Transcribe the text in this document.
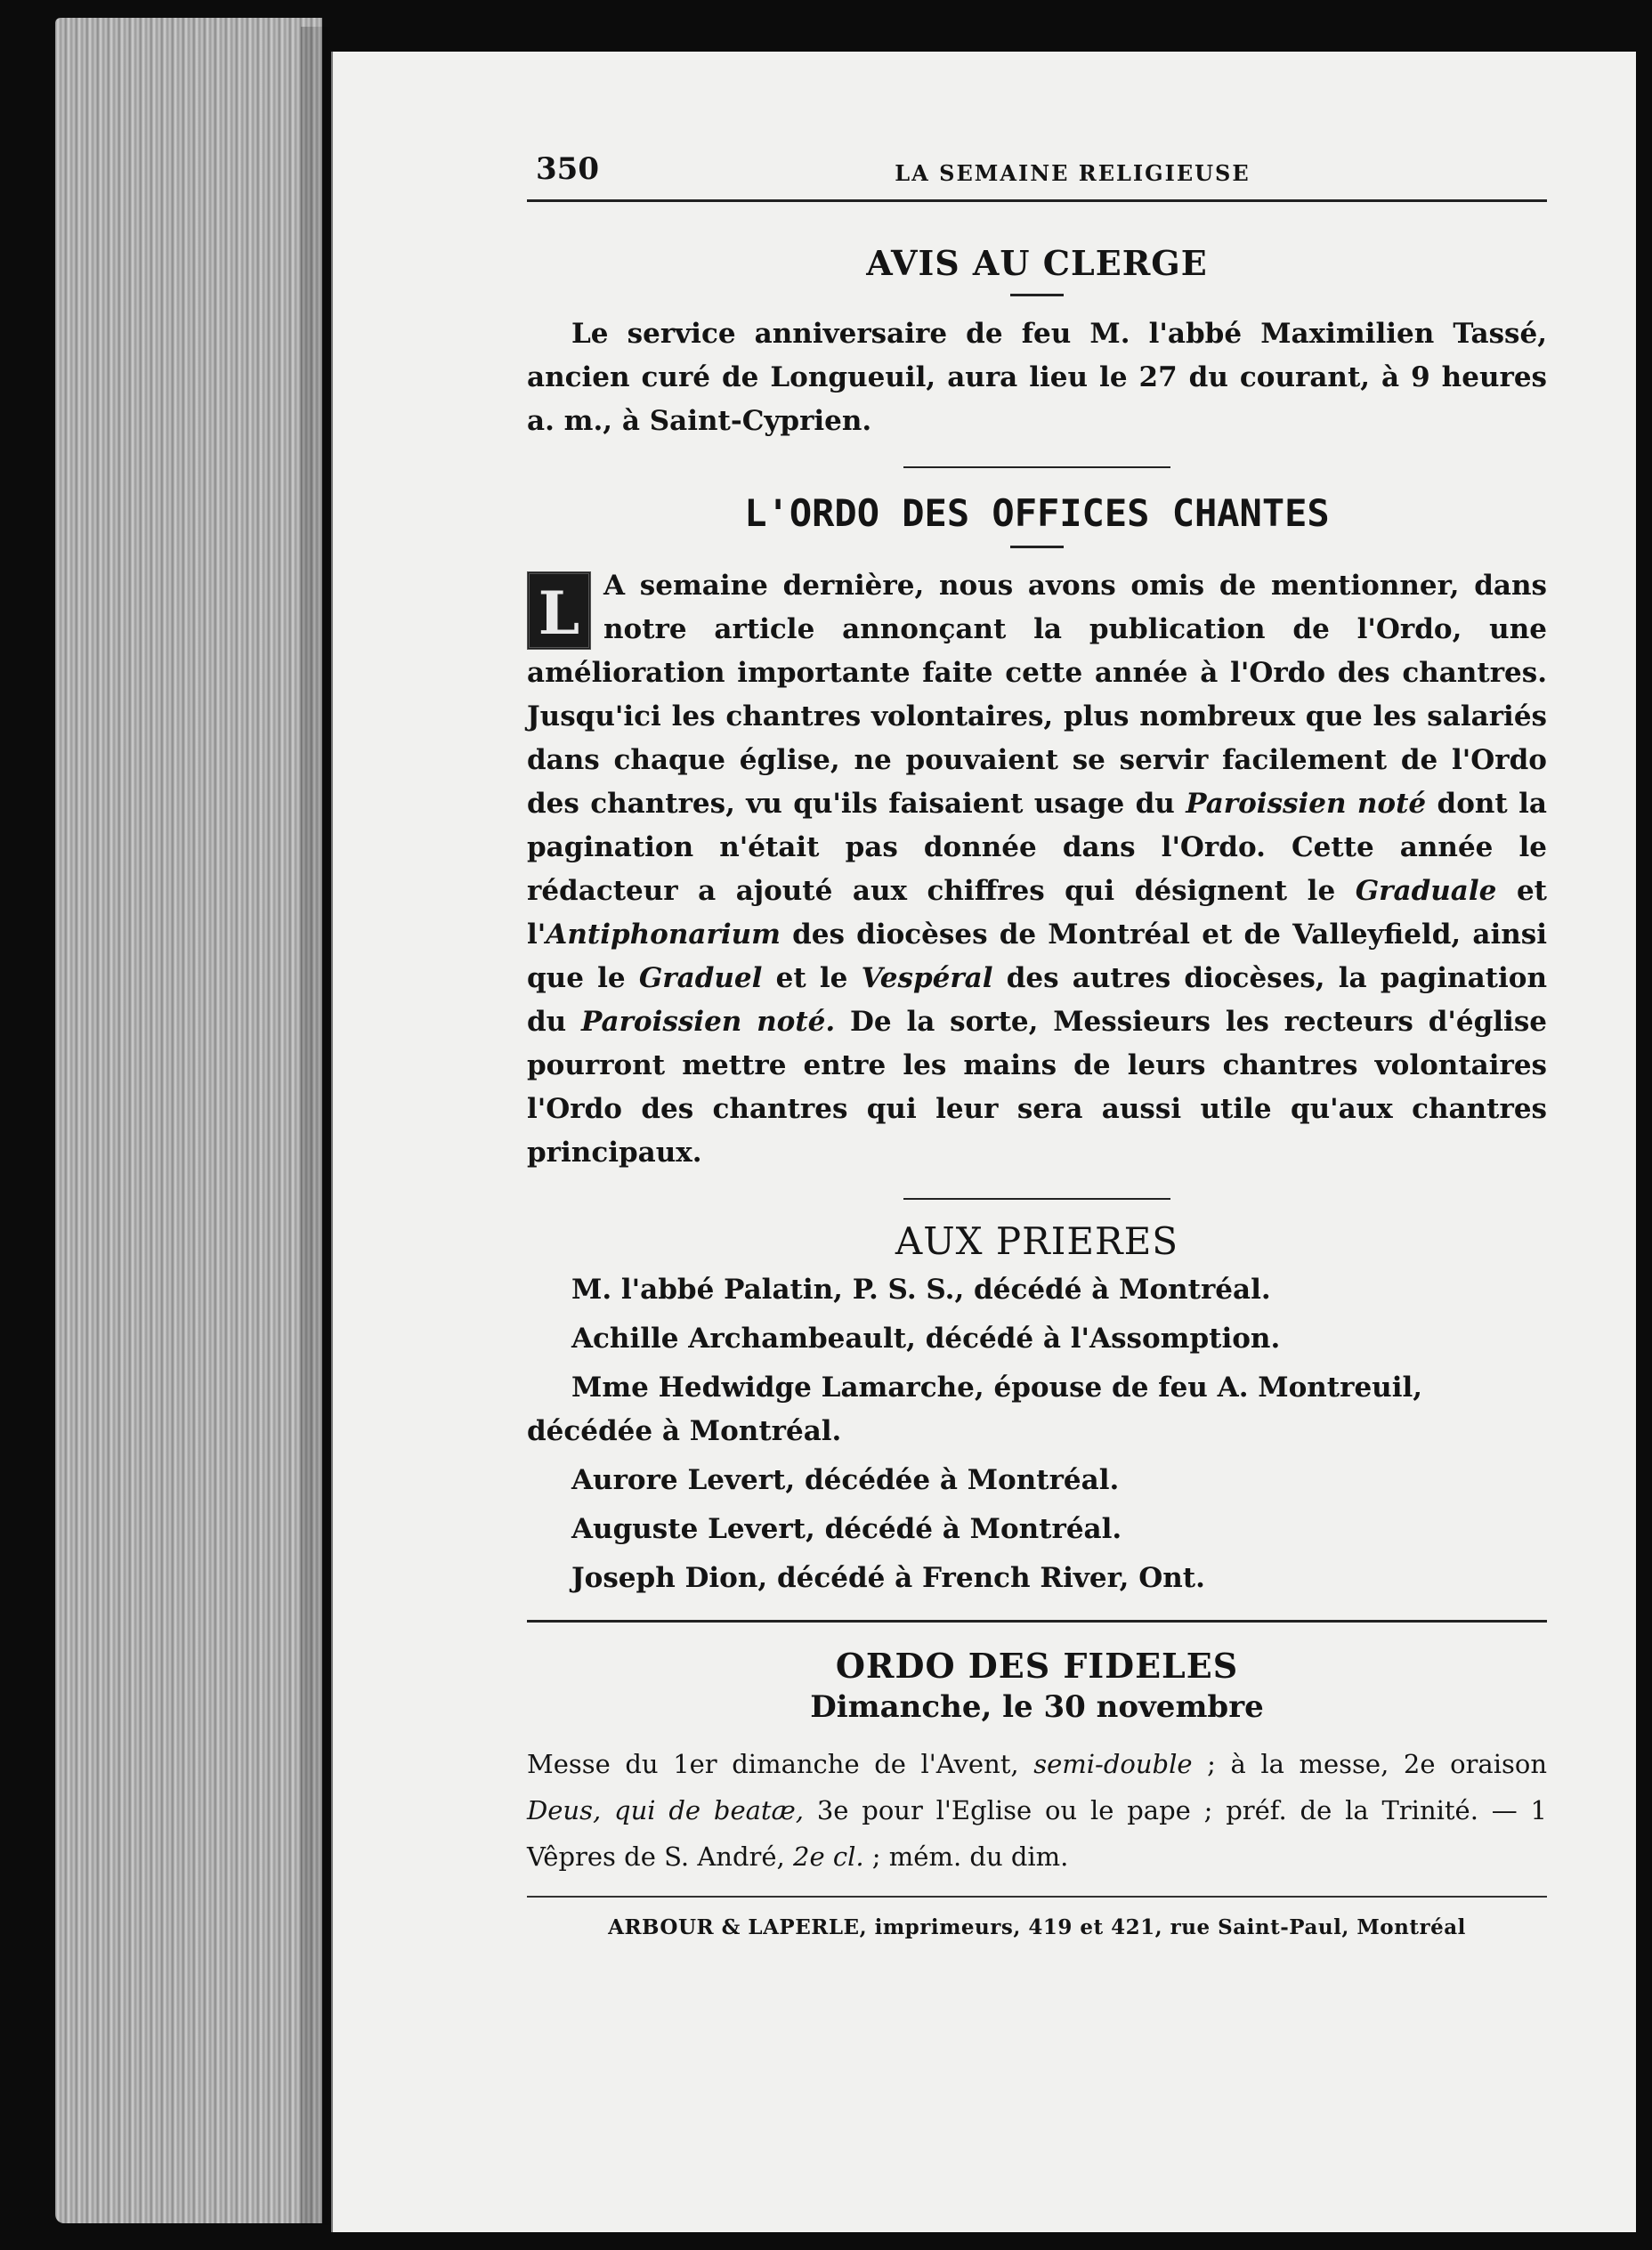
350	LA SEMAINE RELIGIEUSE
AVIS AU CLERGE

Le service anniversaire de feu M. l'abbé Maximilien Tassé, ancien curé de Longueuil, aura lieu le 27 du courant, à 9 heures a. m., à Saint-Cyprien.

L'ORDO DES OFFICES CHANTES
L A semaine dernière, nous avons omis de mentionner, dans notre article annonçant la publication de l'Ordo, une amélioration importante faite cette année à l'Ordo des chantres. Jusqu'ici les chantres volontaires, plus nombreux que les salariés dans chaque église, ne pouvaient se servir facilement de l'Ordo des chantres, vu qu'ils faisaient usage du Paroissien noté dont la pagination n'était pas donnée dans l'Ordo. Cette année le rédacteur a ajouté aux chiffres qui désignent le Graduale et l'Antiphonarium des diocèses de Montréal et de Valleyfield, ainsi que le Graduel et le Vespéral des autres diocèses, la pagination du Paroissien noté. De la sorte, Messieurs les recteurs d'église pourront mettre entre les mains de leurs chantres volontaires l'Ordo des chantres qui leur sera aussi utile qu'aux chantres principaux.

AUX PRIERES

M. l'abbé Palatin, P. S. S., décédé à Montréal.

Achille Archambeault, décédé à l'Assomption.

Mme Hedwidge Lamarche, épouse de feu A. Montreuil, décédée à Montréal.

Aurore Levert, décédée à Montréal.

Auguste Levert, décédé à Montréal.

Joseph Dion, décédé à French River, Ont.

ORDO DES FIDELES
Dimanche, le 30 novembre

Messe du 1er dimanche de l'Avent, semi-double ; à la messe, 2e oraison Deus, qui de beatæ, 3e pour l'Eglise ou le pape ; préf. de la Trinité. — 1 Vêpres de S. André, 2e cl. ; mém. du dim.

ARBOUR & LAPERLE, imprimeurs, 419 et 421, rue Saint-Paul, Montréal
